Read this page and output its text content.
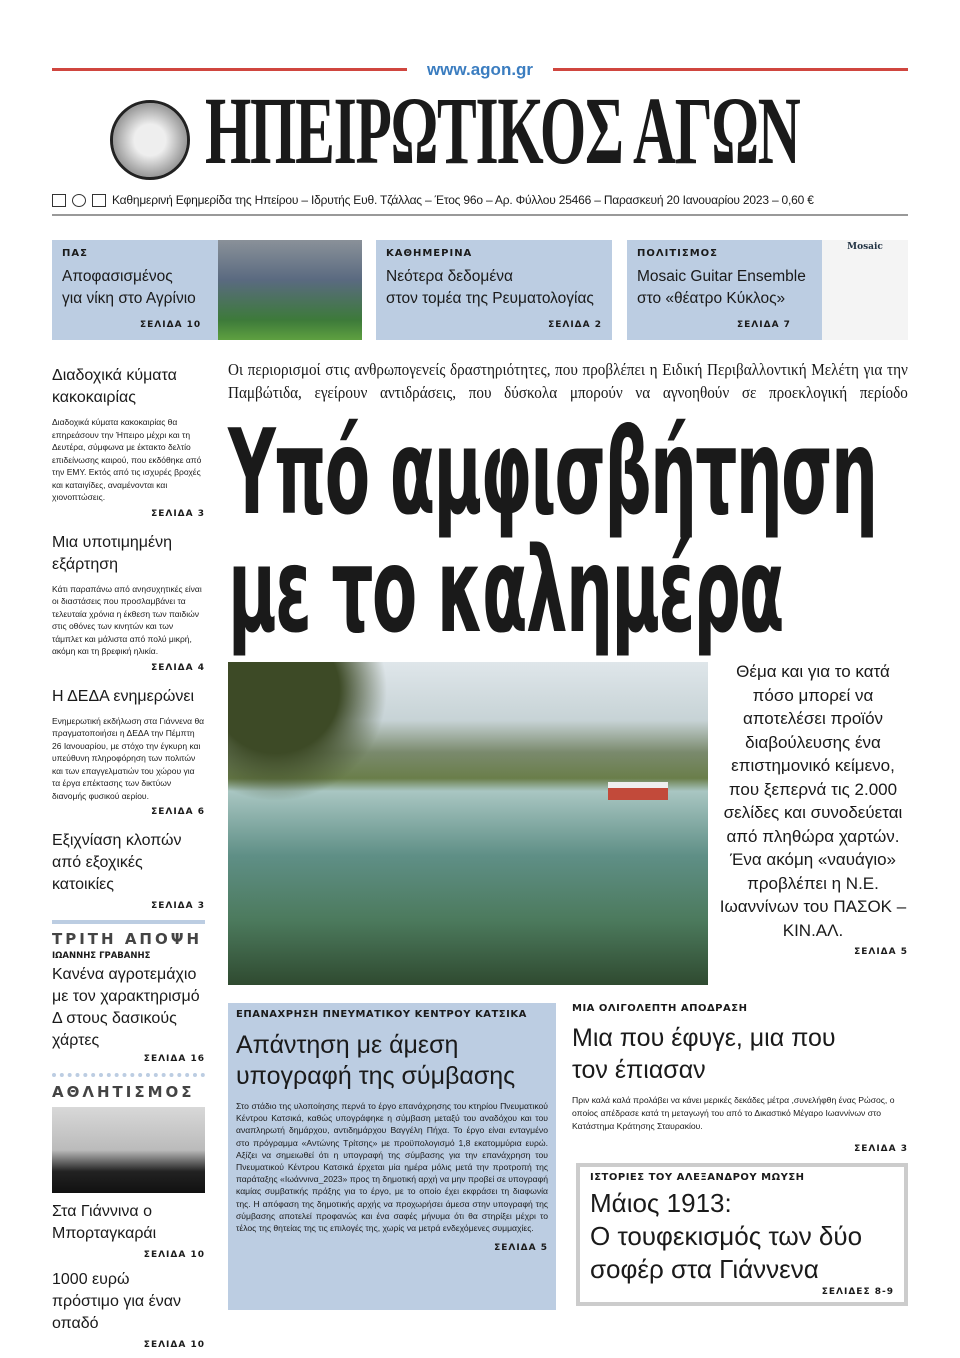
www.agon.gr
ΗΠΕΙΡΩΤΙΚΟΣ ΑΓΩΝ
Καθημερινή Εφημερίδα της Ηπείρου – Ιδρυτής Ευθ. Τζάλλας – Έτος 96ο – Αρ. Φύλλου 25466 – Παρασκευή 20 Ιανουαρίου 2023 – 0,60 €
ΠΑΣ
Αποφασισμένος
για νίκη στο Αγρίνιο
ΣΕΛΙΔΑ 10
ΚΑΘΗΜΕΡΙΝΑ
Νεότερα δεδομένα
στον τομέα της Ρευματολογίας
ΣΕΛΙΔΑ 2
ΠΟΛΙΤΙΣΜΟΣ
Mosaic Guitar Ensemble
στο «θέατρο Κύκλος»
ΣΕΛΙΔΑ 7
Mosaic
Διαδοχικά κύματα κακοκαιρίας

Διαδοχικά κύματα κακοκαιρίας θα επηρεάσουν την Ήπειρο μέχρι και τη Δευτέρα, σύμφωνα με έκτακτο δελτίο επιδείνωσης καιρού, που εκδόθηκε από την ΕΜΥ. Εκτός από τις ισχυρές βροχές και καταιγίδες, αναμένονται και χιονοπτώσεις.

ΣΕΛΙΔΑ 3
Μια υποτιμημένη εξάρτηση

Κάτι παραπάνω από ανησυχητικές είναι οι διαστάσεις που προσλαμβάνει τα τελευταία χρόνια η έκθεση των παιδιών στις οθόνες των κινητών και των τάμπλετ και μάλιστα από πολύ μικρή, ακόμη και τη βρεφική ηλικία.

ΣΕΛΙΔΑ 4
Η ΔΕΔΑ ενημερώνει

Ενημερωτική εκδήλωση στα Γιάννενα θα πραγματοποιήσει η ΔΕΔΑ την Πέμπτη 26 Ιανουαρίου, με στόχο την έγκυρη και υπεύθυνη πληροφόρηση των πολιτών και των επαγγελματιών του χώρου για τα έργα επέκτασης των δικτύων διανομής φυσικού αερίου.

ΣΕΛΙΔΑ 6
Εξιχνίαση κλοπών από εξοχικές κατοικίες
ΣΕΛΙΔΑ 3
ΤΡΙΤΗ ΑΠΟΨΗ
ΙΩΑΝΝΗΣ ΓΡΑΒΑΝΗΣ
Κανένα αγροτεμάχιο με τον χαρακτηρισμό Δ στους δασικούς χάρτες
ΣΕΛΙΔΑ 16
ΑΘΛΗΤΙΣΜΟΣ
Στα Γιάννινα ο Μπορταγκαράι
ΣΕΛΙΔΑ 10
1000 ευρώ πρόστιμο για έναν οπαδό
ΣΕΛΙΔΑ 10
Οι περιορισμοί στις ανθρωπογενείς δραστηριότητες, που προβλέπει η Ειδική Περιβαλλοντική Μελέτη για την Παμβώτιδα, εγείρουν αντιδράσεις, που δύσκολα μπορούν να αγνοηθούν σε προεκλογική περίοδο
Υπό αμφισβήτηση
με το καλημέρα
Θέμα και για το κατά πόσο μπορεί να αποτελέσει προϊόν διαβούλευσης ένα επιστημονικό κείμενο, που ξεπερνά τις 2.000 σελίδες και συνοδεύεται από πληθώρα χαρτών. Ένα ακόμη «ναυάγιο» προβλέπει η Ν.Ε. Ιωαννίνων του ΠΑΣΟΚ – ΚΙΝ.ΑΛ.
ΣΕΛΙΔΑ 5
ΕΠΑΝΑΧΡΗΣΗ ΠΝΕΥΜΑΤΙΚΟΥ ΚΕΝΤΡΟΥ ΚΑΤΣΙΚΑ
Απάντηση με άμεση υπογραφή της σύμβασης

Στο στάδιο της υλοποίησης περνά το έργο επανάχρησης του κτηρίου Πνευματικού Κέντρου Κατσικά, καθώς υπογράφηκε η σύμβαση μεταξύ του αναδόχου και του αναπληρωτή δημάρχου, αντιδημάρχου Βαγγέλη Πήχα. Το έργο είναι ενταγμένο στο πρόγραμμα «Αντώνης Τρίτσης» με προϋπολογισμό 1,8 εκατομμύρια ευρώ. Αξίζει να σημειωθεί ότι η υπογραφή της σύμβασης για την επανάχρηση του Πνευματικού Κέντρου Κατσικά έρχεται μία ημέρα μόλις μετά την προτροπή της παράταξης «Ιωάννινα_2023» προς τη δημοτική αρχή να μην προβεί σε υπογραφή καμίας συμβατικής πράξης για το έργο, με το οποίο έχει εκφράσει τη διαφωνία της. Η απόφαση της δημοτικής αρχής να προχωρήσει άμεσα στην υπογραφή της σύμβασης αποτελεί προφανώς και ένα σαφές μήνυμα ότι θα στηρίξει μέχρι το τέλος της θητείας της τις επιλογές της, χωρίς να μετρά ενδεχόμενες συμμαχίες.

ΣΕΛΙΔΑ 5
ΜΙΑ ΟΛΙΓΟΛΕΠΤΗ ΑΠΟΔΡΑΣΗ
Μια που έφυγε, μια που τον έπιασαν

Πριν καλά καλά προλάβει να κάνει μερικές δεκάδες μέτρα ,συνελήφθη ένας Ρώσος, ο οποίος απέδρασε κατά τη μεταγωγή του από το Δικαστικό Μέγαρο Ιωαννίνων στο Κατάστημα Κράτησης Σταυρακίου.

ΣΕΛΙΔΑ 3
ΙΣΤΟΡΙΕΣ ΤΟΥ ΑΛΕΞΑΝΔΡΟΥ ΜΩΥΣΗ
Μάιος 1913:
Ο τουφεκισμός των δύο
σοφέρ στα Γιάννενα
ΣΕΛΙΔΕΣ 8-9
